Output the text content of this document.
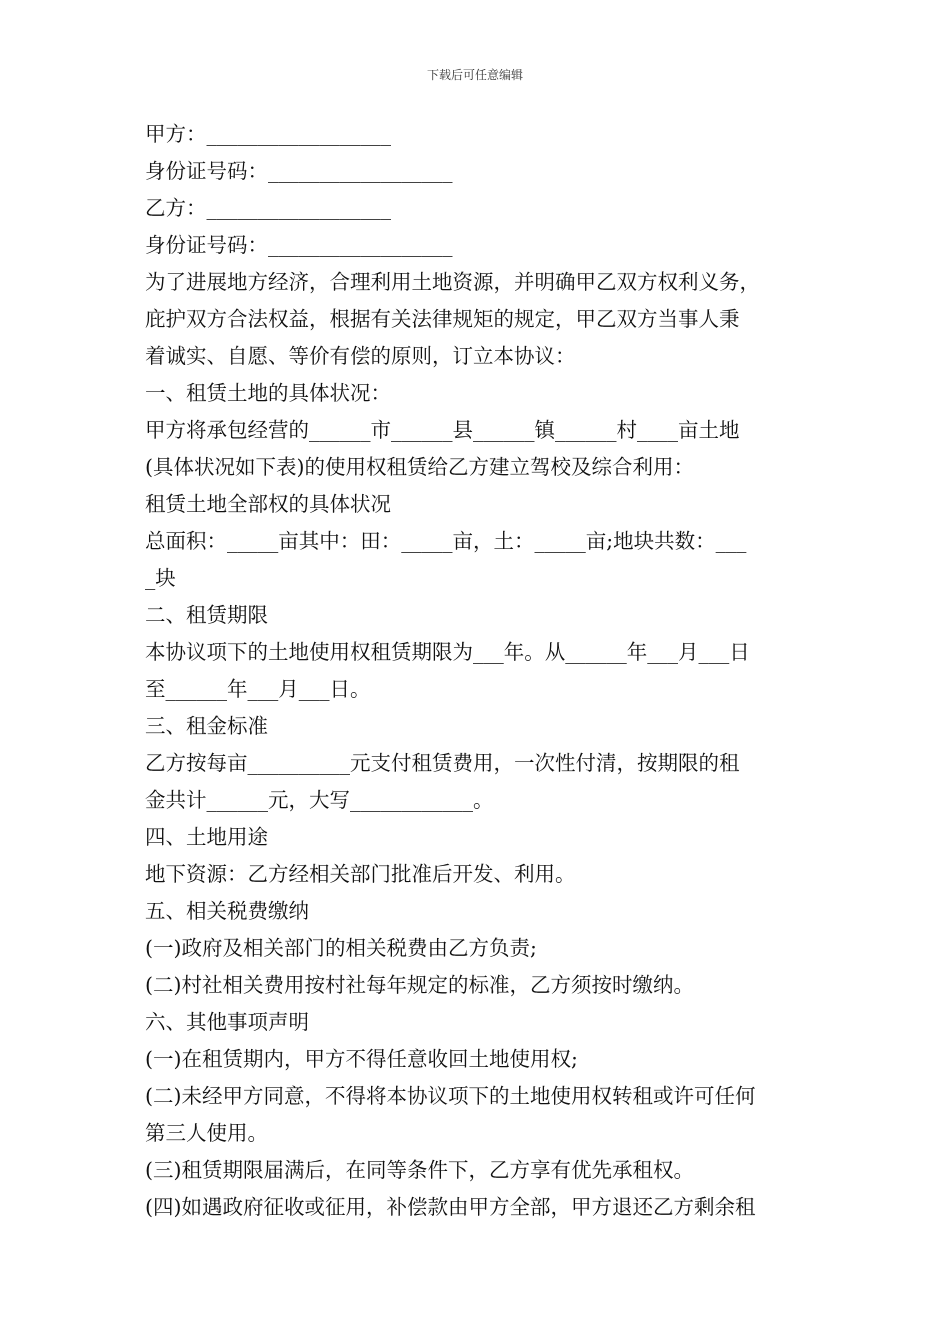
下载后可任意编辑
甲方：__________________
身份证号码：__________________
乙方：__________________
身份证号码：__________________
为了进展地方经济，合理利用土地资源，并明确甲乙双方权利义务，
庇护双方合法权益，根据有关法律规矩的规定，甲乙双方当事人秉
着诚实、自愿、等价有偿的原则，订立本协议：
一、租赁土地的具体状况：
甲方将承包经营的______市______县______镇______村____亩土地
(具体状况如下表)的使用权租赁给乙方建立驾校及综合利用：
租赁土地全部权的具体状况
总面积：_____亩其中：田：_____亩，土：_____亩;地块共数：___
_块
二、租赁期限
本协议项下的土地使用权租赁期限为___年。从______年___月___日
至______年___月___日。
三、租金标准
乙方按每亩__________元支付租赁费用，一次性付清，按期限的租
金共计______元，大写____________。
四、土地用途
地下资源：乙方经相关部门批准后开发、利用。
五、相关税费缴纳
(一)政府及相关部门的相关税费由乙方负责;
(二)村社相关费用按村社每年规定的标准，乙方须按时缴纳。
六、其他事项声明
(一)在租赁期内，甲方不得任意收回土地使用权;
(二)未经甲方同意，不得将本协议项下的土地使用权转租或许可任何
第三人使用。
(三)租赁期限届满后，在同等条件下，乙方享有优先承租权。
(四)如遇政府征收或征用，补偿款由甲方全部，甲方退还乙方剩余租
